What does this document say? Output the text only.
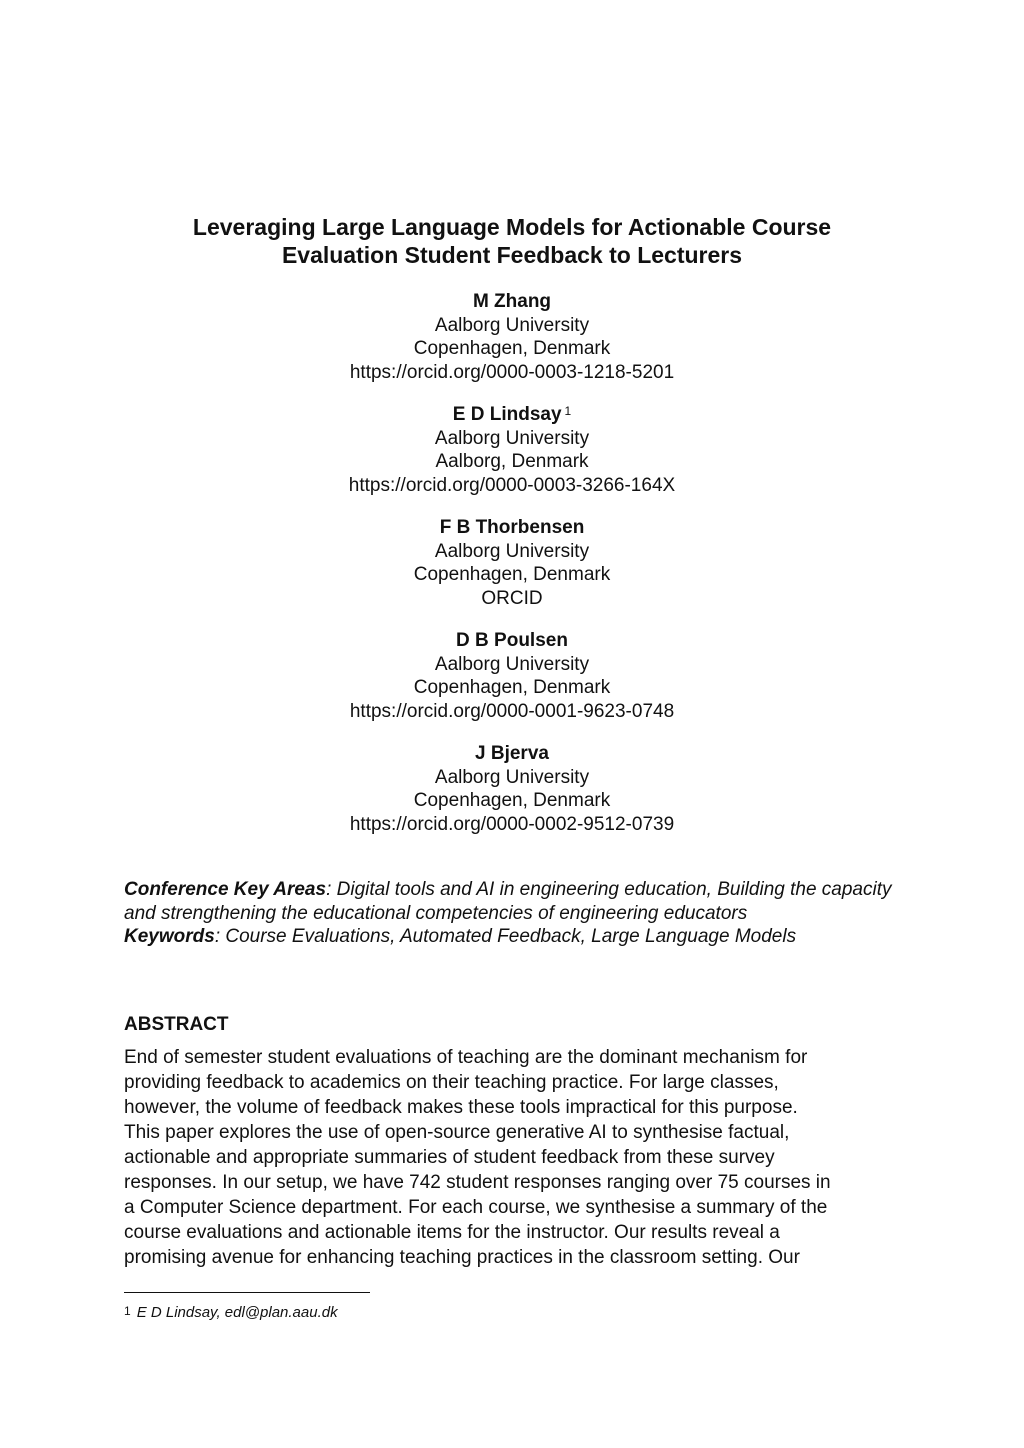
Leveraging Large Language Models for Actionable Course
Evaluation Student Feedback to Lecturers
M Zhang
Aalborg University
Copenhagen, Denmark
https://orcid.org/0000-0003-1218-5201
E D Lindsay $^1$
Aalborg University
Aalborg, Denmark
https://orcid.org/0000-0003-3266-164X
F B Thorbensen
Aalborg University
Copenhagen, Denmark
ORCID
D B Poulsen
Aalborg University
Copenhagen, Denmark
https://orcid.org/0000-0001-9623-0748
J Bjerva
Aalborg University
Copenhagen, Denmark
https://orcid.org/0000-0002-9512-0739
Conference Key Areas: Digital tools and AI in engineering education, Building the capacity and strengthening the educational competencies of engineering educators
Keywords: Course Evaluations, Automated Feedback, Large Language Models
ABSTRACT
End of semester student evaluations of teaching are the dominant mechanism for
providing feedback to academics on their teaching practice. For large classes,
however, the volume of feedback makes these tools impractical for this purpose.
This paper explores the use of open-source generative AI to synthesise factual,
actionable and appropriate summaries of student feedback from these survey
responses. In our setup, we have 742 student responses ranging over 75 courses in
a Computer Science department. For each course, we synthesise a summary of the
course evaluations and actionable items for the instructor. Our results reveal a
promising avenue for enhancing teaching practices in the classroom setting. Our
$^1$ E D Lindsay, edl@plan.aau.dk
